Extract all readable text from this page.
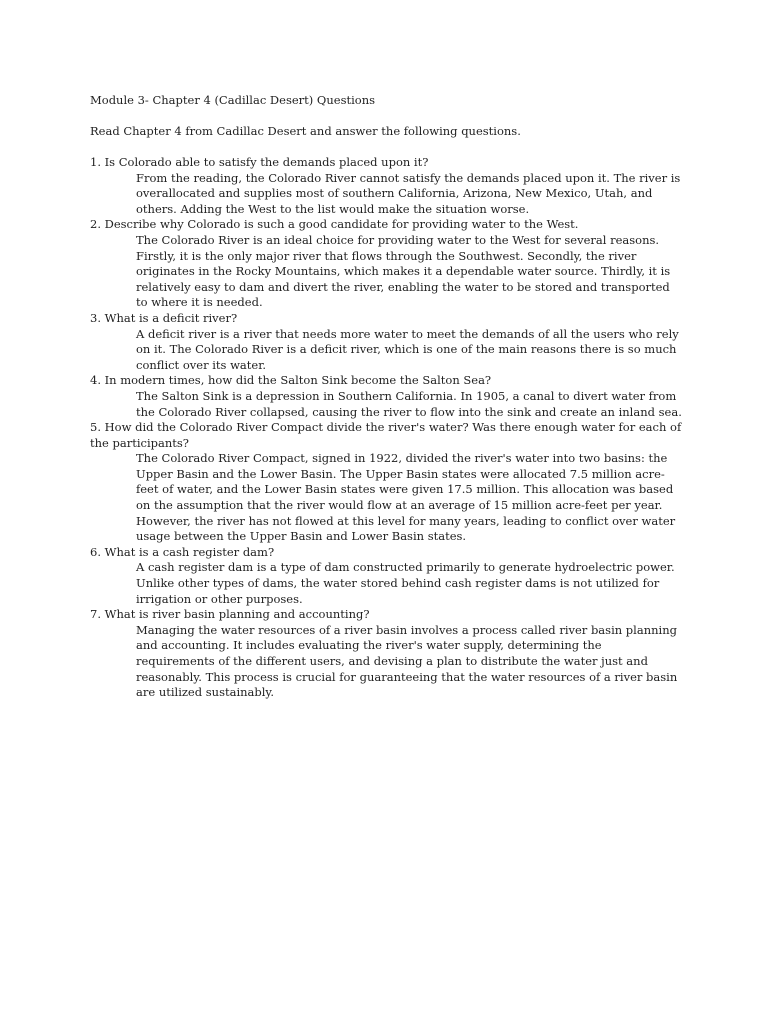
Module 3- Chapter 4 (Cadillac Desert) Questions
Read Chapter 4 from Cadillac Desert and answer the following questions.
1. Is Colorado able to satisfy the demands placed upon it?
From the reading, the Colorado River cannot satisfy the demands placed upon it. The river is overallocated and supplies most of southern California, Arizona, New Mexico, Utah, and others. Adding the West to the list would make the situation worse.
2. Describe why Colorado is such a good candidate for providing water to the West.
The Colorado River is an ideal choice for providing water to the West for several reasons. Firstly, it is the only major river that flows through the Southwest. Secondly, the river originates in the Rocky Mountains, which makes it a dependable water source. Thirdly, it is relatively easy to dam and divert the river, enabling the water to be stored and transported to where it is needed.
3. What is a deficit river?
A deficit river is a river that needs more water to meet the demands of all the users who rely on it. The Colorado River is a deficit river, which is one of the main reasons there is so much conflict over its water.
4. In modern times, how did the Salton Sink become the Salton Sea?
The Salton Sink is a depression in Southern California. In 1905, a canal to divert water from the Colorado River collapsed, causing the river to flow into the sink and create an inland sea.
5. How did the Colorado River Compact divide the river's water? Was there enough water for each of the participants?
The Colorado River Compact, signed in 1922, divided the river's water into two basins: the Upper Basin and the Lower Basin. The Upper Basin states were allocated 7.5 million acre-feet of water, and the Lower Basin states were given 17.5 million. This allocation was based on the assumption that the river would flow at an average of 15 million acre-feet per year. However, the river has not flowed at this level for many years, leading to conflict over water usage between the Upper Basin and Lower Basin states.
6. What is a cash register dam?
A cash register dam is a type of dam constructed primarily to generate hydroelectric power. Unlike other types of dams, the water stored behind cash register dams is not utilized for irrigation or other purposes.
7. What is river basin planning and accounting?
Managing the water resources of a river basin involves a process called river basin planning and accounting. It includes evaluating the river's water supply, determining the requirements of the different users, and devising a plan to distribute the water just and reasonably. This process is crucial for guaranteeing that the water resources of a river basin are utilized sustainably.
